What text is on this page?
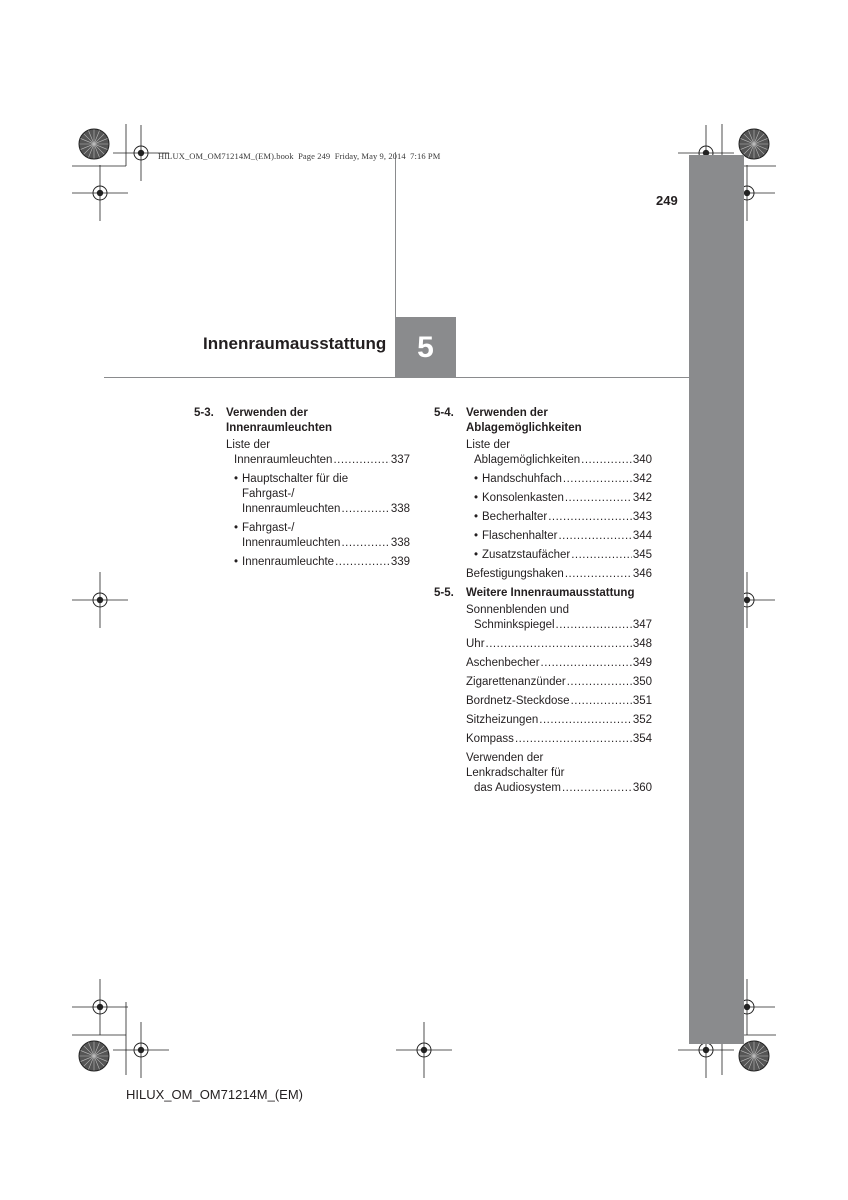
HILUX_OM_OM71214M_(EM).book  Page 249  Friday, May 9, 2014  7:16 PM
249
Innenraumausstattung 5
5-3. Verwenden der
Innenraumleuchten
Liste der
Innenraumleuchten .....	337
• Hauptschalter für die
Fahrgast-/
Innenraumleuchten .....	338
• Fahrgast-/
Innenraumleuchten .....	338
• Innenraumleuchte .....	339
5-4. Verwenden der
Ablagemöglichkeiten
Liste der
Ablagemöglichkeiten .....	340
• Handschuhfach .....	342
• Konsolenkasten .....	342
• Becherhalter .....	343
• Flaschenhalter .....	344
• Zusatzstaufächer .....	345
Befestigungshaken .....	346
5-5. Weitere Innenraumausstattung
Sonnenblenden und
Schminkspiegel .....	347
Uhr .....	348
Aschenbecher .....	349
Zigarettenanzünder .....	350
Bordnetz-Steckdose .....	351
Sitzheizungen .....	352
Kompass .....	354
Verwenden der
Lenkradschalter für
das Audiosystem .....	360
HILUX_OM_OM71214M_(EM)
